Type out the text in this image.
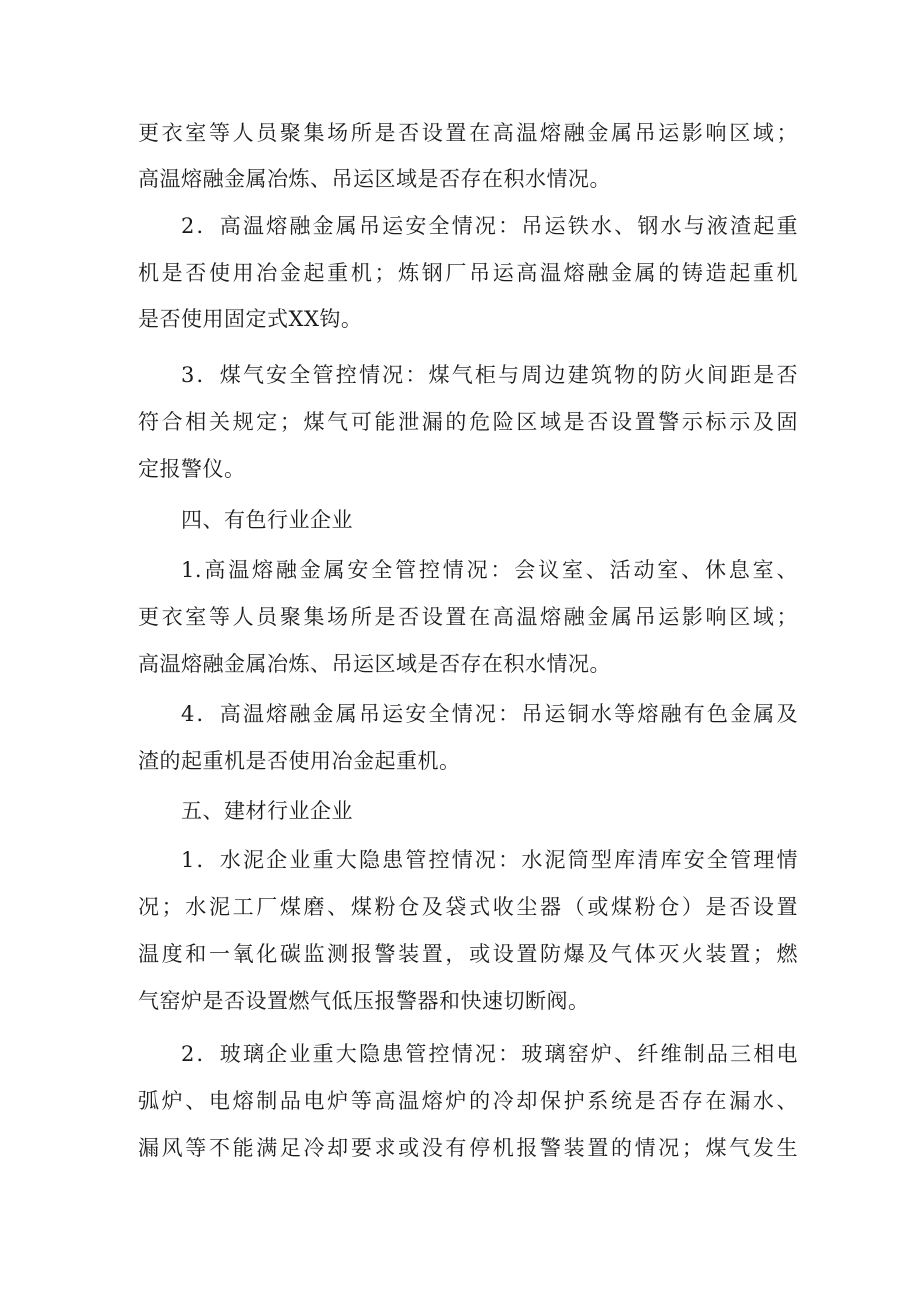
更衣室等人员聚集场所是否设置在高温熔融金属吊运影响区域；
高温熔融金属冶炼、吊运区域是否存在积水情况。
2．高温熔融金属吊运安全情况：吊运铁水、钢水与液渣起重
机是否使用冶金起重机；炼钢厂吊运高温熔融金属的铸造起重机
是否使用固定式XX钩。
3．煤气安全管控情况：煤气柜与周边建筑物的防火间距是否
符合相关规定；煤气可能泄漏的危险区域是否设置警示标示及固
定报警仪。
四、有色行业企业
1.高温熔融金属安全管控情况：会议室、活动室、休息室、
更衣室等人员聚集场所是否设置在高温熔融金属吊运影响区域；
高温熔融金属冶炼、吊运区域是否存在积水情况。
4．高温熔融金属吊运安全情况：吊运铜水等熔融有色金属及
渣的起重机是否使用冶金起重机。
五、建材行业企业
1．水泥企业重大隐患管控情况：水泥筒型库清库安全管理情
况；水泥工厂煤磨、煤粉仓及袋式收尘器（或煤粉仓）是否设置
温度和一氧化碳监测报警装置，或设置防爆及气体灭火装置；燃
气窑炉是否设置燃气低压报警器和快速切断阀。
2．玻璃企业重大隐患管控情况：玻璃窑炉、纤维制品三相电
弧炉、电熔制品电炉等高温熔炉的冷却保护系统是否存在漏水、
漏风等不能满足冷却要求或没有停机报警装置的情况；煤气发生
